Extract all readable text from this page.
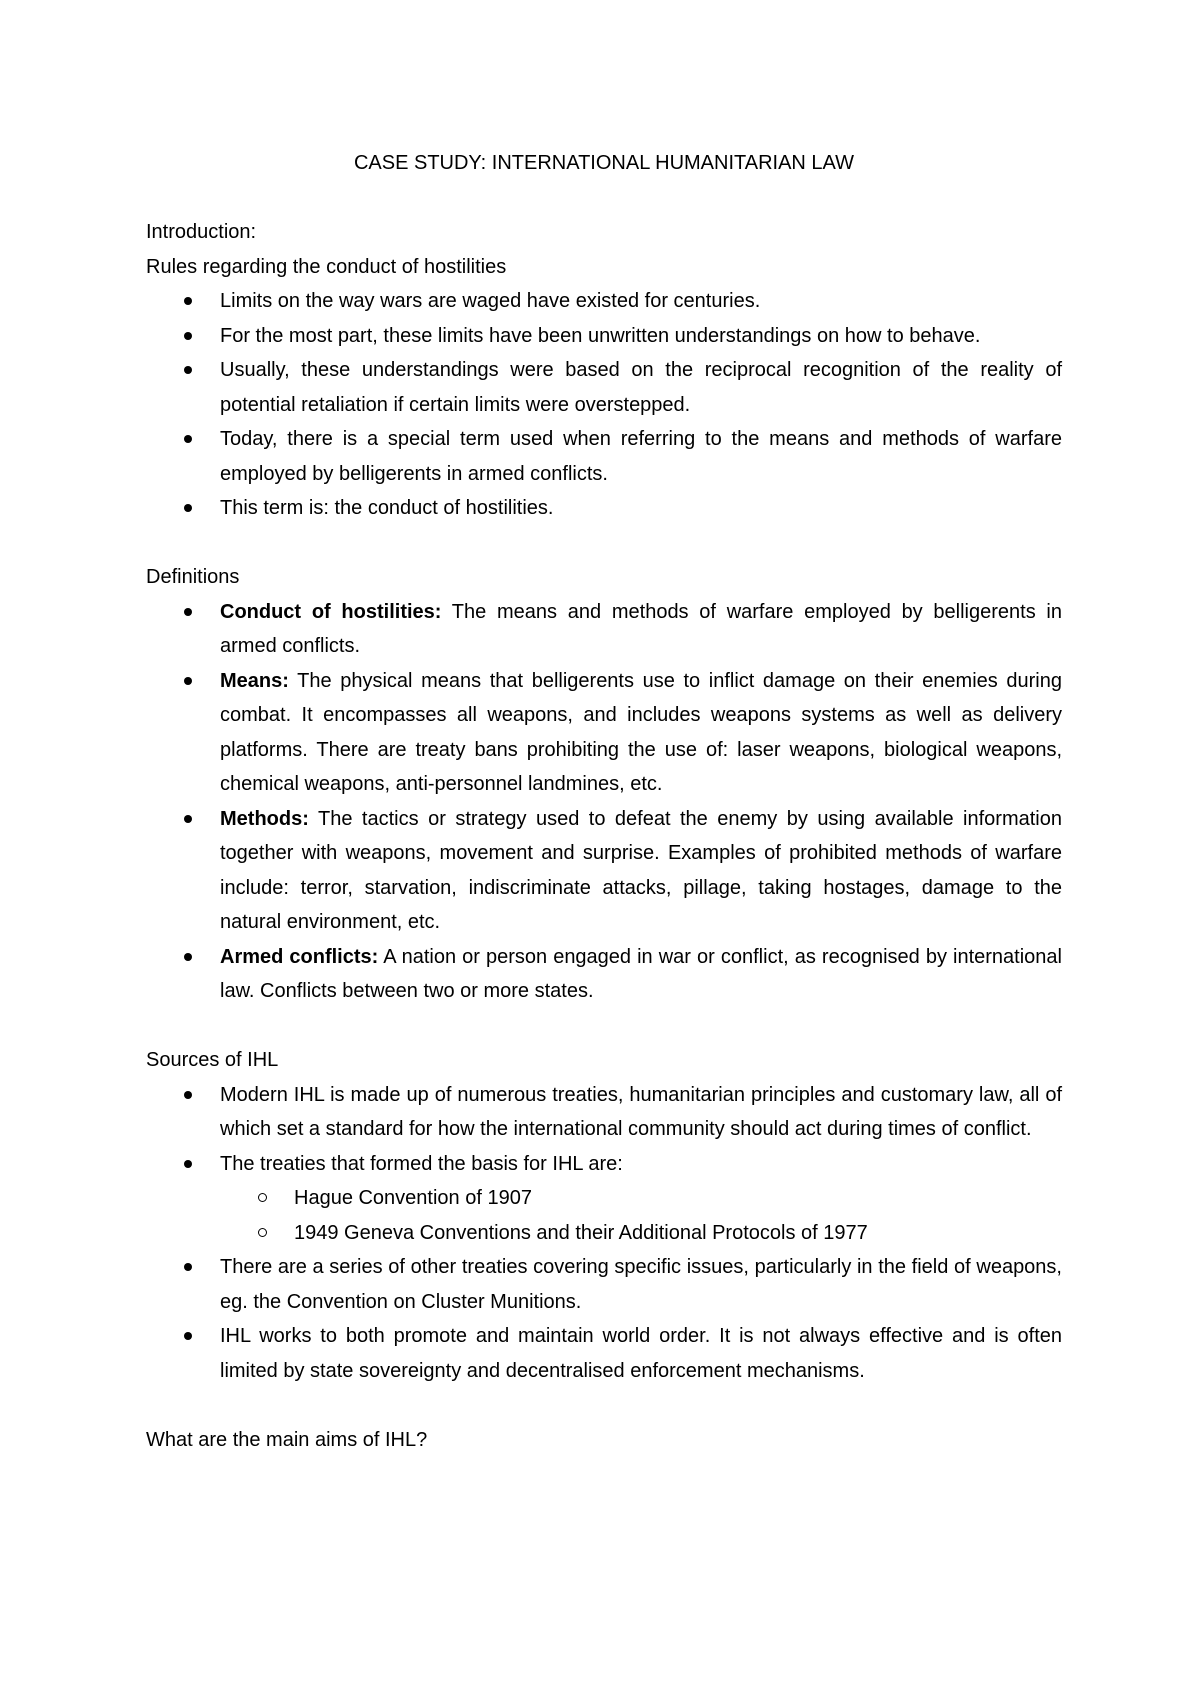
CASE STUDY: INTERNATIONAL HUMANITARIAN LAW

Introduction:

Rules regarding the conduct of hostilities

Limits on the way wars are waged have existed for centuries.
For the most part, these limits have been unwritten understandings on how to behave.
Usually, these understandings were based on the reciprocal recognition of the reality of potential retaliation if certain limits were overstepped.
Today, there is a special term used when referring to the means and methods of warfare employed by belligerents in armed conflicts.
This term is: the conduct of hostilities.

Definitions

Conduct of hostilities: The means and methods of warfare employed by belligerents in armed conflicts.
Means: The physical means that belligerents use to inflict damage on their enemies during combat. It encompasses all weapons, and includes weapons systems as well as delivery platforms. There are treaty bans prohibiting the use of: laser weapons, biological weapons, chemical weapons, anti-personnel landmines, etc.
Methods: The tactics or strategy used to defeat the enemy by using available information together with weapons, movement and surprise. Examples of prohibited methods of warfare include: terror, starvation, indiscriminate attacks, pillage, taking hostages, damage to the natural environment, etc.
Armed conflicts: A nation or person engaged in war or conflict, as recognised by international law. Conflicts between two or more states.

Sources of IHL

Modern IHL is made up of numerous treaties, humanitarian principles and customary law, all of which set a standard for how the international community should act during times of conflict.
The treaties that formed the basis for IHL are:
Hague Convention of 1907
1949 Geneva Conventions and their Additional Protocols of 1977
There are a series of other treaties covering specific issues, particularly in the field of weapons, eg. the Convention on Cluster Munitions.
IHL works to both promote and maintain world order. It is not always effective and is often limited by state sovereignty and decentralised enforcement mechanisms.

What are the main aims of IHL?
